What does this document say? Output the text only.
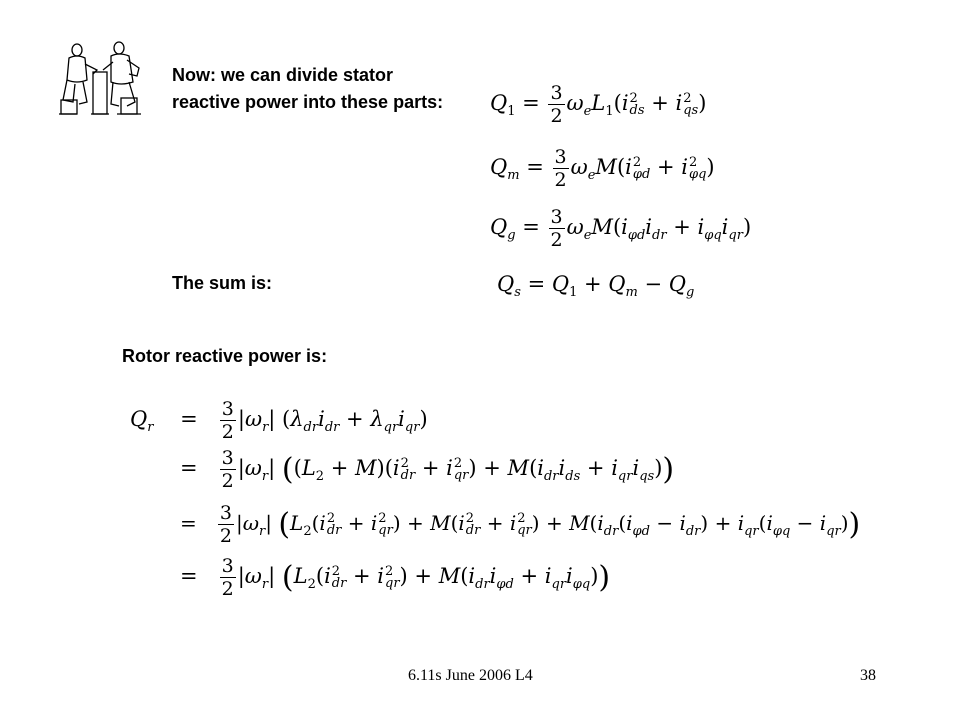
Now: we can divide stator reactive power into these parts:
The sum is:
Rotor reactive power is:
$Q_1 = \frac{3}{2} \omega_eL_1(i$ 2
ds + i 2
qs )
$Q_m = \frac{3}{2} \omega_eM(i$ 2
φd + i 2
φq )
$Q_g = \frac{3}{2} \omega_eM(i_{\varphi d}i_{dr} + i_{\varphi q}i_{qr})$
$Q_s = Q_1 + Q_m - Q_g$
$Q_r$    = $\frac{3}{2} |\omega_r|$ $(\lambda_{dr}i_{dr} + \lambda_{qr}i_{qr})$
= $\frac{3}{2} |\omega_r|$ ($(L_2 + M)(i$ 2
dr + i 2
qr ) + $M(i_{dr}i_{ds} + i_{qr}i_{qs})$)
= $\frac{3}{2} |\omega_r|$ ($L_2(i$ 2
dr + i 2
qr ) + M(i 2
dr + i 2
qr ) + $M(i_{dr}(i_{\varphi d} - i_{dr}) + i_{qr}(i_{\varphi q} - i_{qr}))$
= $\frac{3}{2} |\omega_r|$ ($L_2(i$ 2
dr + i 2
qr ) + $M(i_{dr}i_{\varphi d} + i_{qr}i_{\varphi q})$)
6.11s June 2006 L4	38
